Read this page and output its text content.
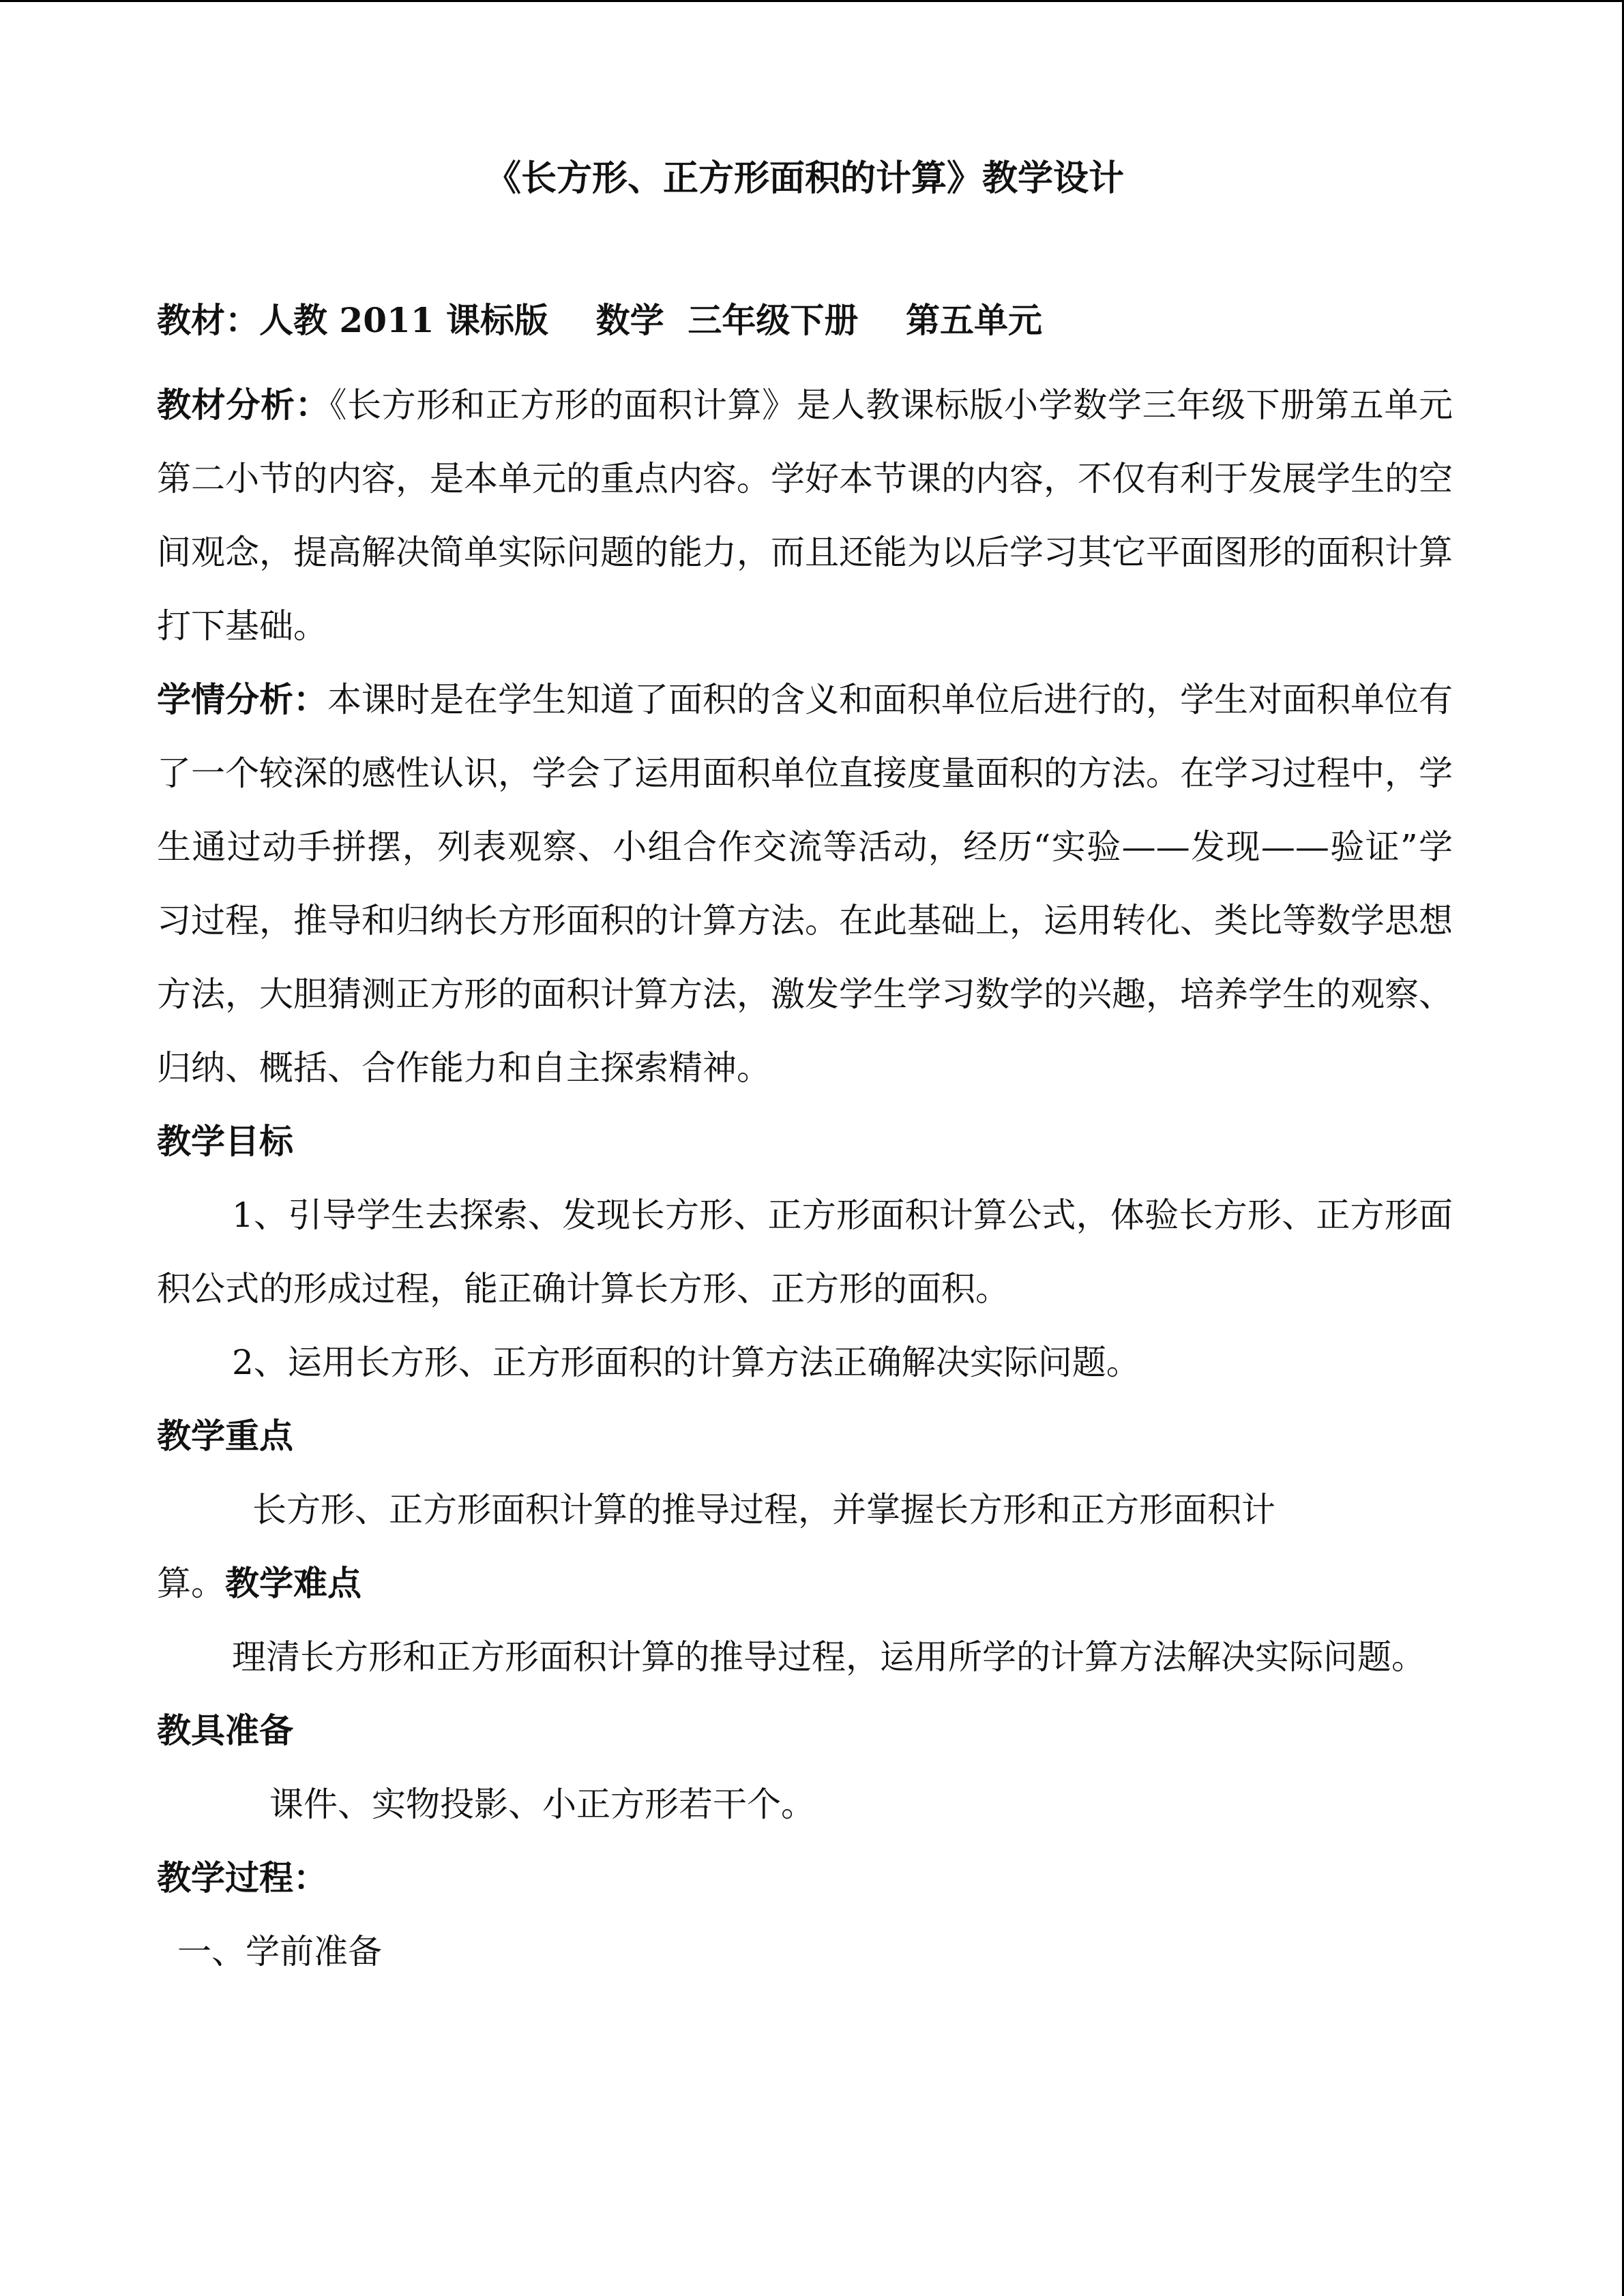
《长方形、正方形面积的计算》教学设计
教材：人教 2011 课标版    数学  三年级下册    第五单元

教材分析：《长方形和正方形的面积计算》是人教课标版小学数学三年级下册第五单元第二小节的内容，是本单元的重点内容。学好本节课的内容，不仅有利于发展学生的空间观念，提高解决简单实际问题的能力，而且还能为以后学习其它平面图形的面积计算打下基础。

学情分析：本课时是在学生知道了面积的含义和面积单位后进行的，学生对面积单位有了一个较深的感性认识，学会了运用面积单位直接度量面积的方法。在学习过程中，学生通过动手拼摆，列表观察、小组合作交流等活动，经历“实验——发现——验证”学习过程，推导和归纳长方形面积的计算方法。在此基础上，运用转化、类比等数学思想方法，大胆猜测正方形的面积计算方法，激发学生学习数学的兴趣，培养学生的观察、归纳、概括、合作能力和自主探索精神。

教学目标

1、引导学生去探索、发现长方形、正方形面积计算公式，体验长方形、正方形面积公式的形成过程，能正确计算长方形、正方形的面积。

2、运用长方形、正方形面积的计算方法正确解决实际问题。

教学重点

长方形、正方形面积计算的推导过程，并掌握长方形和正方形面积计

算。教学难点

理清长方形和正方形面积计算的推导过程，运用所学的计算方法解决实际问题。

教具准备

课件、实物投影、小正方形若干个。

教学过程：

一、学前准备
